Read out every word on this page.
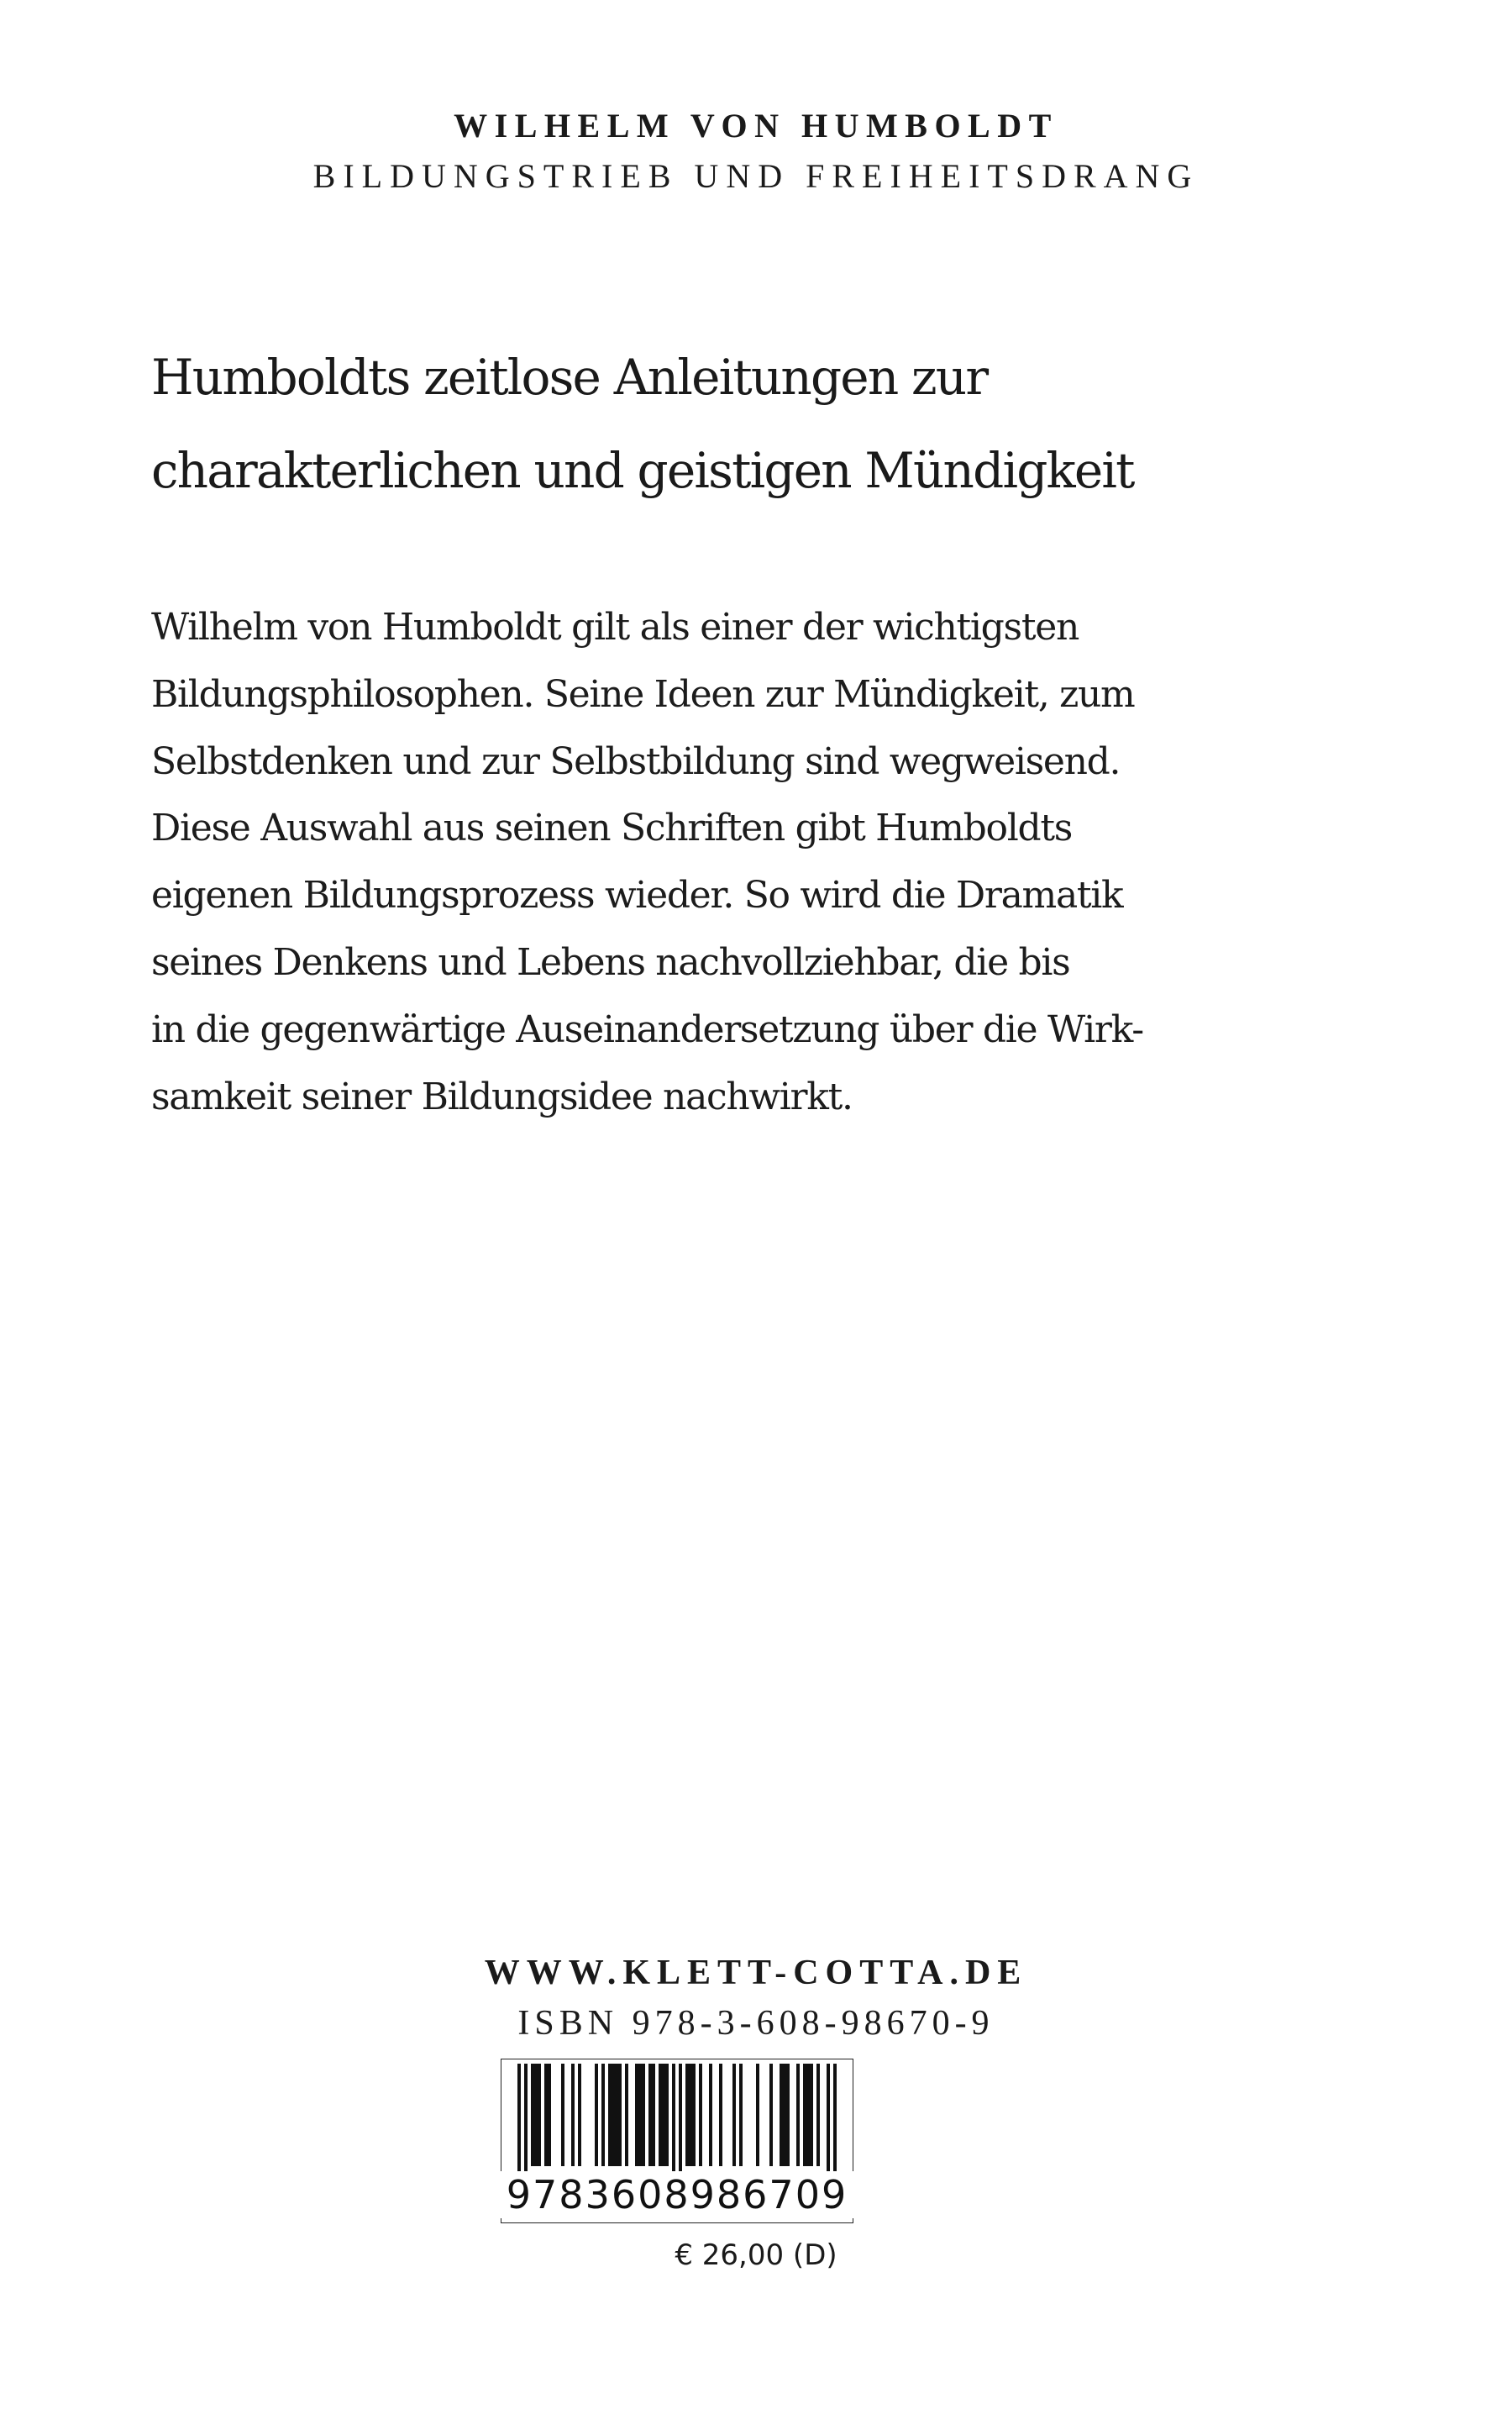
WILHELM VON HUMBOLDT
BILDUNGSTRIEB UND FREIHEITSDRANG
Humboldts zeitlose Anleitungen zur
charakterlichen und geistigen Mündigkeit
Wilhelm von Humboldt gilt als einer der wichtigsten
Bildungsphilosophen. Seine Ideen zur Mündigkeit, zum
Selbstdenken und zur Selbstbildung sind wegweisend.
Diese Auswahl aus seinen Schriften gibt Humboldts
eigenen Bildungsprozess wieder. So wird die Dramatik
seines Denkens und Lebens nachvollziehbar, die bis
in die gegenwärtige Auseinandersetzung über die Wirk-
samkeit seiner Bildungsidee nachwirkt.
WWW.KLETT-COTTA.DE
ISBN 978-3-608-98670-9
9783608986709
€ 26,00 (D)
